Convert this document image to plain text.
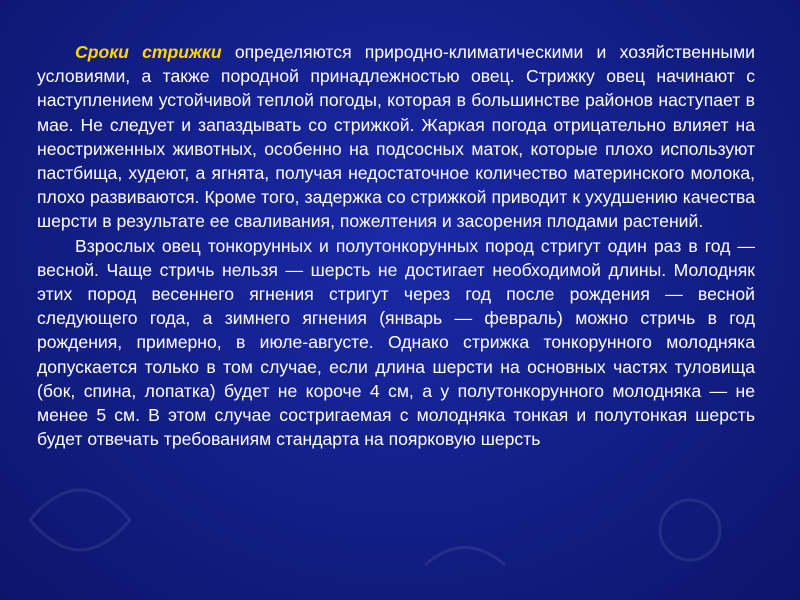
Сроки стрижки определяются природно-климатическими и хозяйственными условиями, а также породной принадлежностью овец. Стрижку овец начинают с наступлением устойчивой теплой погоды, которая в большинстве районов наступает в мае. Не следует и запаздывать со стрижкой. Жаркая погода отрицательно влияет на неостриженных животных, особенно на подсосных маток, которые плохо используют пастбища, худеют, а ягнята, получая недостаточное количество материнского молока, плохо развиваются. Кроме того, задержка со стрижкой приводит к ухудшению качества шерсти в результате ее сваливания, пожелтения и засорения плодами растений.

Взрослых овец тонкорунных и полутонкорунных пород стригут один раз в год — весной. Чаще стричь нельзя — шерсть не достигает необходимой длины. Молодняк этих пород весеннего ягнения стригут через год после рождения — весной следующего года, а зимнего ягнения (январь — февраль) можно стричь в год рождения, примерно, в июле-августе. Однако стрижка тонкорунного молодняка допускается только в том случае, если длина шерсти на основных частях туловища (бок, спина, лопатка) будет не короче 4 см, а у полутонкорунного молодняка — не менее 5 см. В этом случае состригаемая с молодняка тонкая и полутонкая шерсть будет отвечать требованиям стандарта на поярковую шерсть
